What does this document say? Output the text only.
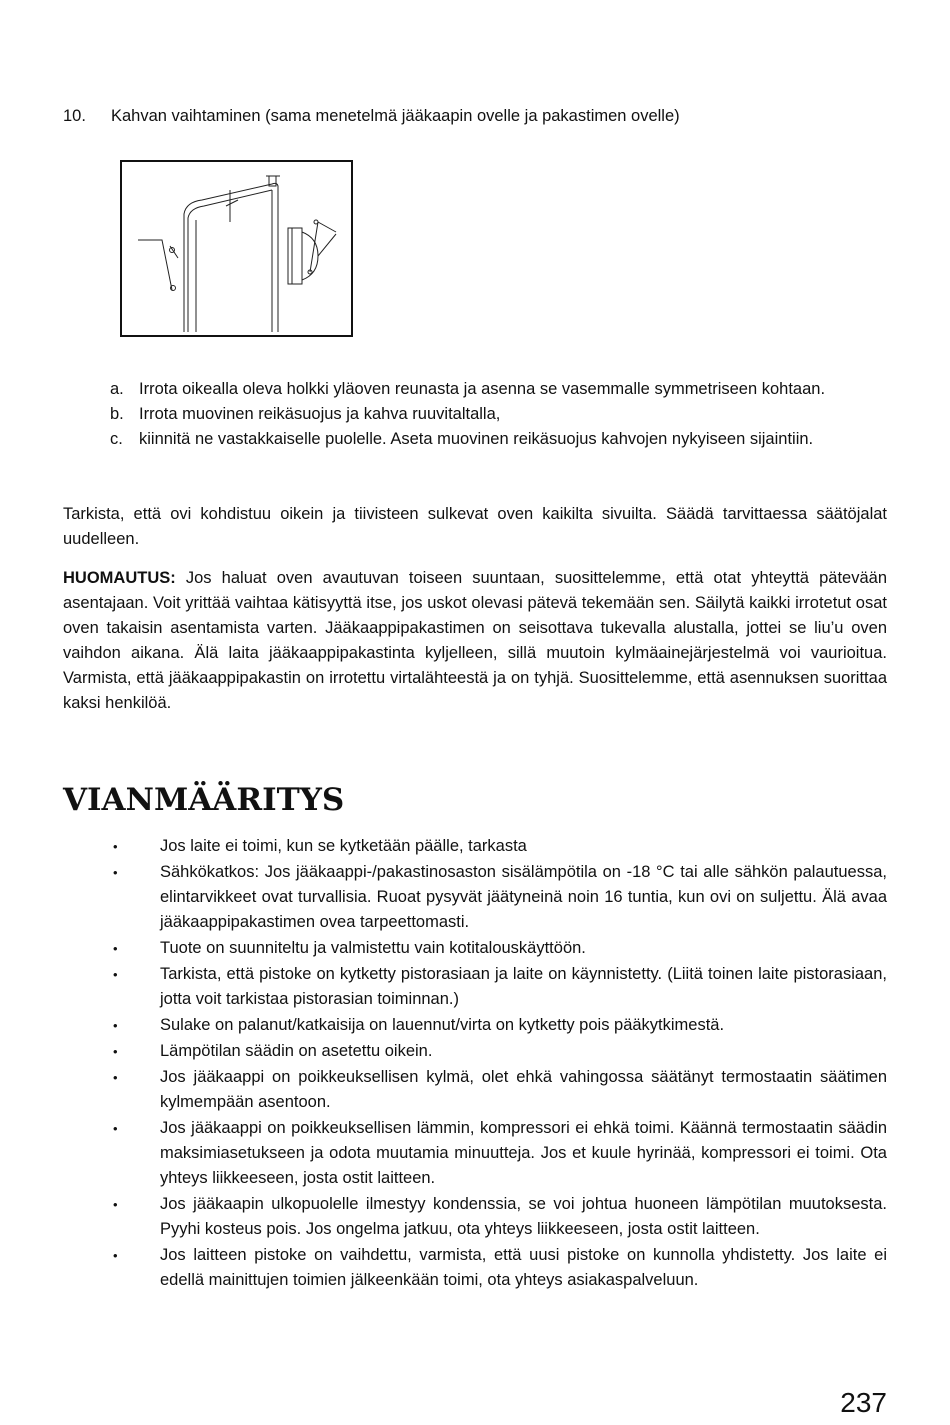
10. Kahvan vaihtaminen (sama menetelmä jääkaapin ovelle ja pakastimen ovelle)
a. Irrota oikealla oleva holkki yläoven reunasta ja asenna se vasemmalle symmetriseen kohtaan.
b. Irrota muovinen reikäsuojus ja kahva ruuvitaltalla,
c. kiinnitä ne vastakkaiselle puolelle. Aseta muovinen reikäsuojus kahvojen nykyiseen sijaintiin.

Tarkista, että ovi kohdistuu oikein ja tiivisteen sulkevat oven kaikilta sivuilta. Säädä tarvittaessa säätöjalat uudelleen.

HUOMAUTUS: Jos haluat oven avautuvan toiseen suuntaan, suosittelemme, että otat yhteyttä pätevään asentajaan. Voit yrittää vaihtaa kätisyyttä itse, jos uskot olevasi pätevä tekemään sen. Säilytä kaikki irrotetut osat oven takaisin asentamista varten. Jääkaappipakastimen on seisottava tukevalla alustalla, jottei se liu’u oven vaihdon aikana. Älä laita jääkaappipakastinta kyljelleen, sillä muutoin kylmäainejärjestelmä voi vaurioitua. Varmista, että jääkaappipakastin on irrotettu virtalähteestä ja on tyhjä. Suosittelemme, että asennuksen suorittaa kaksi henkilöä.

VIANMÄÄRITYS
•	Jos laite ei toimi, kun se kytketään päälle, tarkasta
•	Sähkökatkos: Jos jääkaappi-/pakastinosaston sisälämpötila on -18 °C tai alle sähkön palautuessa, elintarvikkeet ovat turvallisia. Ruoat pysyvät jäätyneinä noin 16 tuntia, kun ovi on suljettu. Älä avaa jääkaappipakastimen ovea tarpeettomasti.
•	Tuote on suunniteltu ja valmistettu vain kotitalouskäyttöön.
•	Tarkista, että pistoke on kytketty pistorasiaan ja laite on käynnistetty. (Liitä toinen laite pistorasiaan, jotta voit tarkistaa pistorasian toiminnan.)
•	Sulake on palanut/katkaisija on lauennut/virta on kytketty pois pääkytkimestä.
•	Lämpötilan säädin on asetettu oikein.
•	Jos jääkaappi on poikkeuksellisen kylmä, olet ehkä vahingossa säätänyt termostaatin säätimen kylmempään asentoon.
•	Jos jääkaappi on poikkeuksellisen lämmin, kompressori ei ehkä toimi. Käännä termostaatin säädin maksimiasetukseen ja odota muutamia minuutteja. Jos et kuule hyrinää, kompressori ei toimi. Ota yhteys liikkeeseen, josta ostit laitteen.
•	Jos jääkaapin ulkopuolelle ilmestyy kondenssia, se voi johtua huoneen lämpötilan muutoksesta. Pyyhi kosteus pois. Jos ongelma jatkuu, ota yhteys liikkeeseen, josta ostit laitteen.
•	Jos laitteen pistoke on vaihdettu, varmista, että uusi pistoke on kunnolla yhdistetty. Jos laite ei edellä mainittujen toimien jälkeenkään toimi, ota yhteys asiakaspalveluun.
237
